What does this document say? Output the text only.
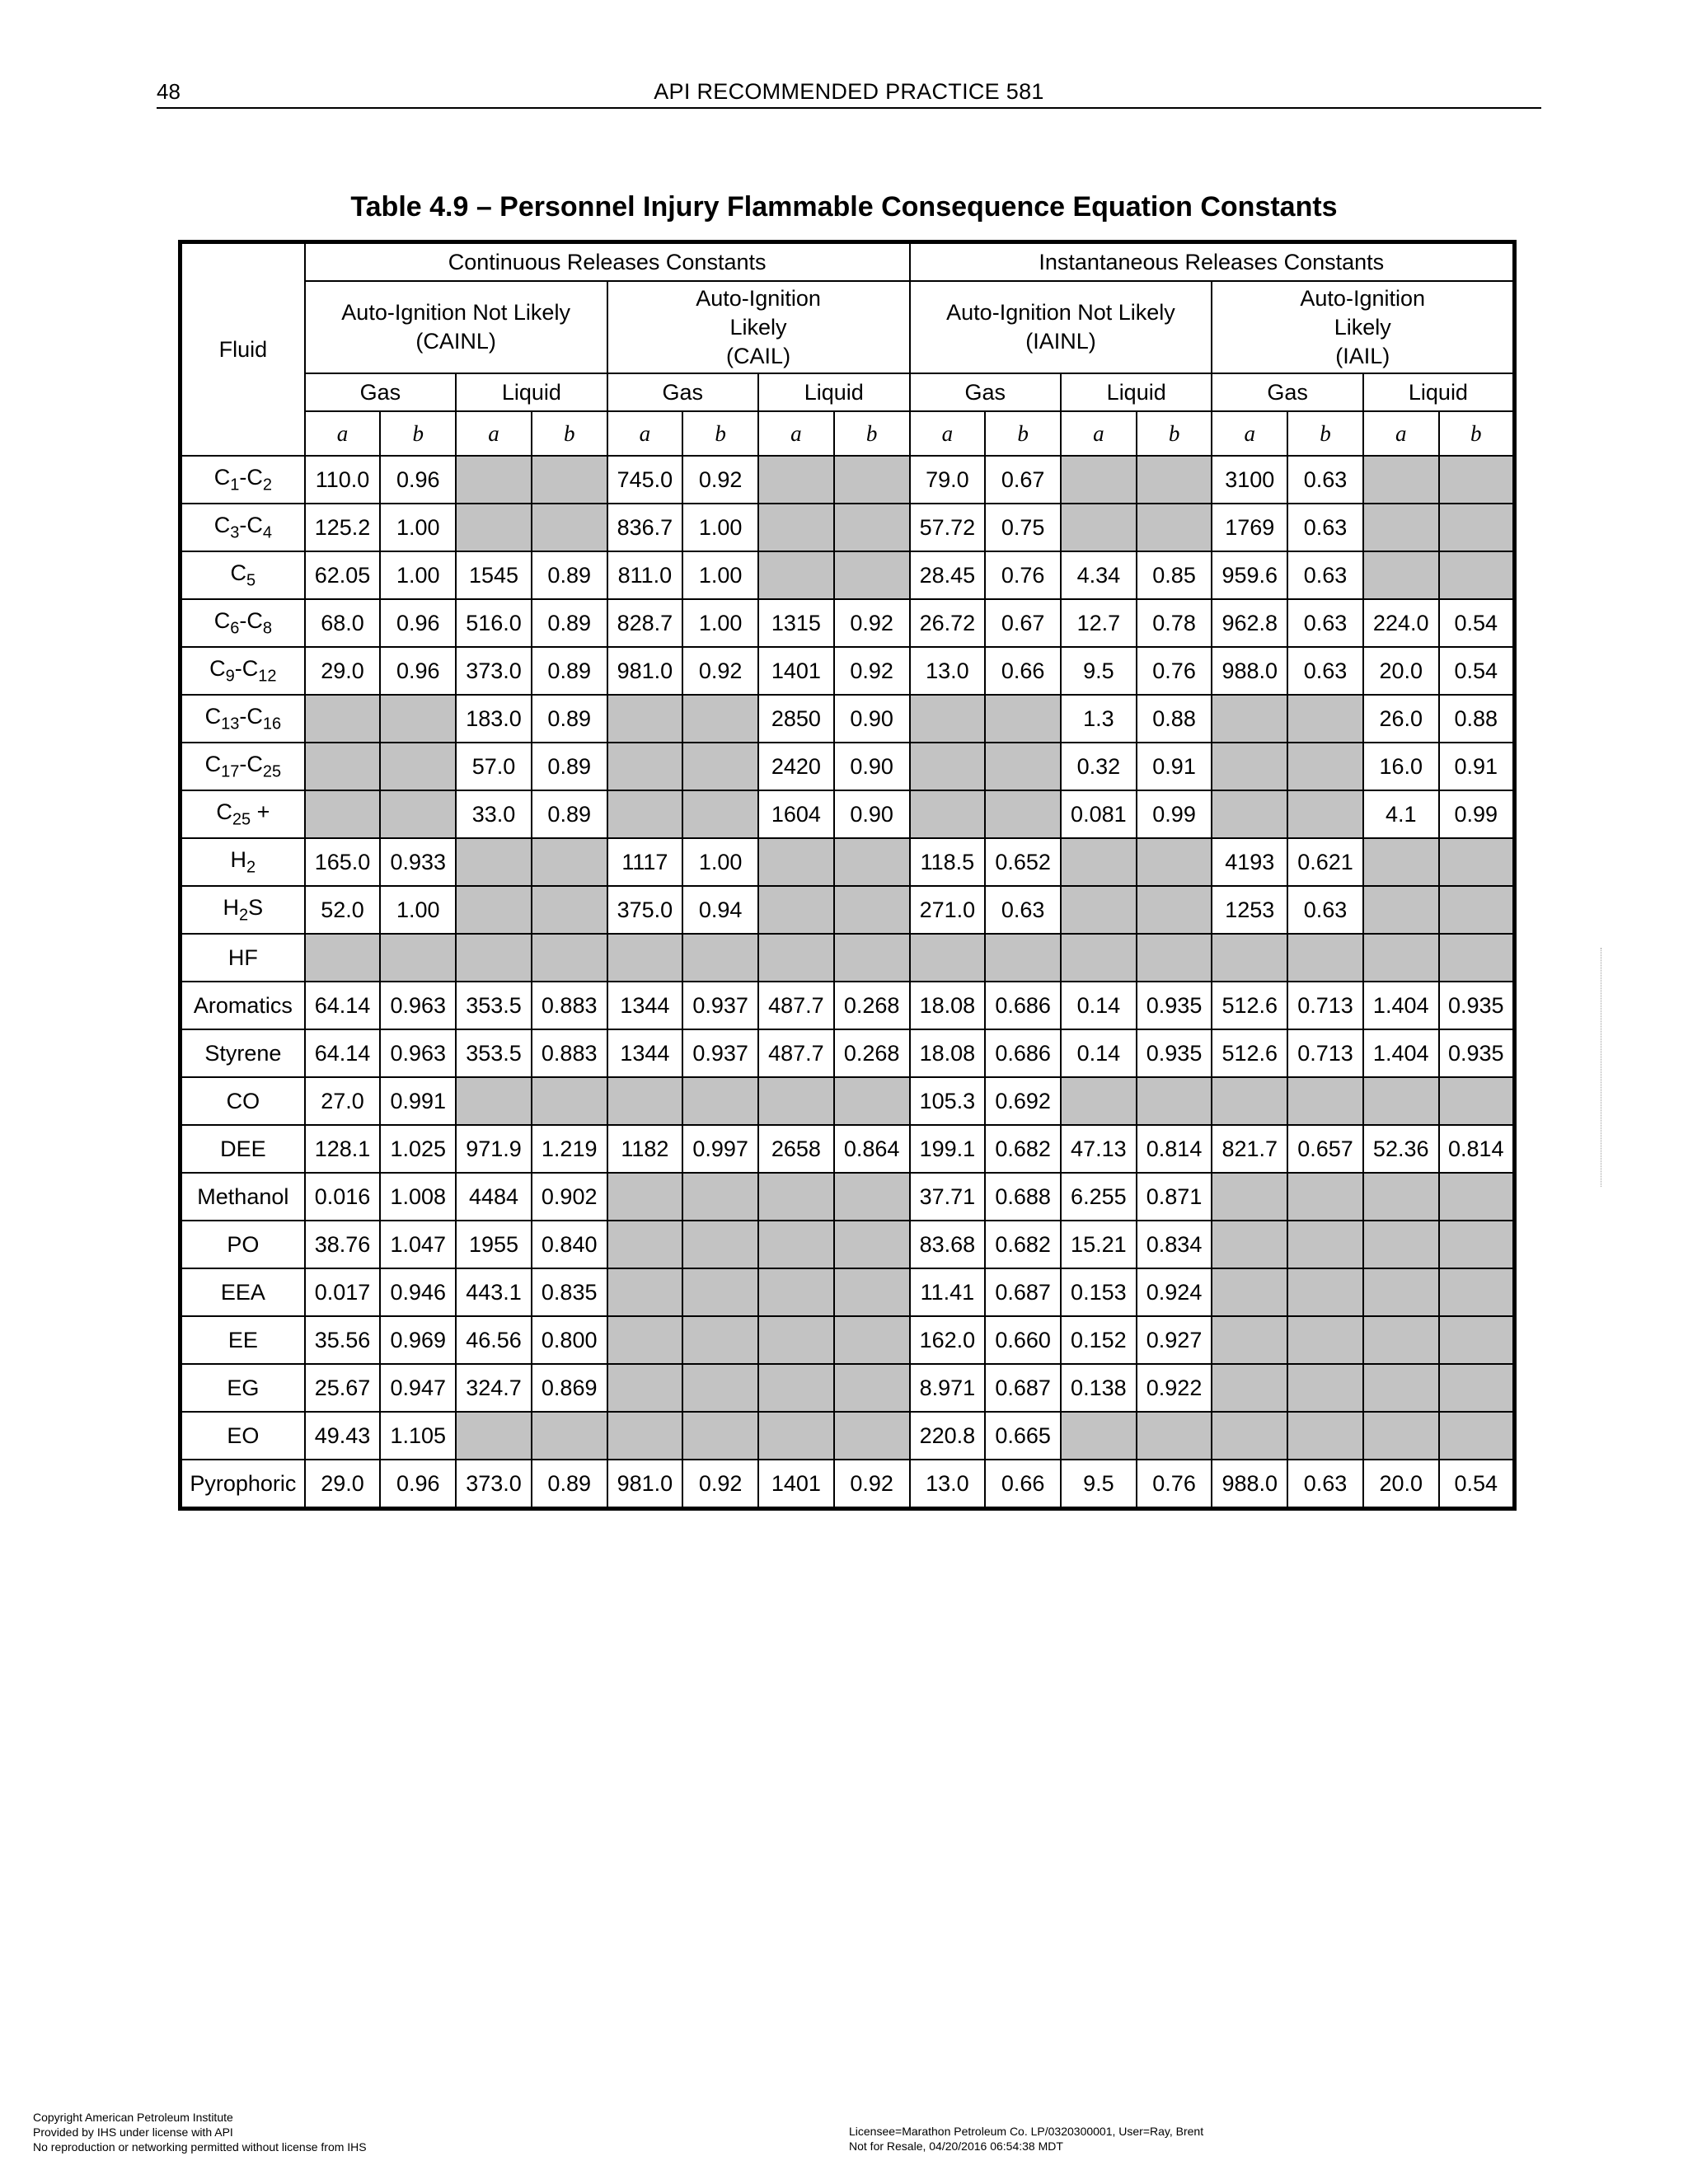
48	API RECOMMENDED PRACTICE 581
Table 4.9 – Personnel Injury Flammable Consequence Equation Constants
Fluid	Continuous Releases Constants								Instantaneous Releases Constants							

	Auto-Ignition Not Likely
(CAINL)				Auto-Ignition
Likely
(CAIL)				Auto-Ignition Not Likely
(IAINL)				Auto-Ignition
Likely
(IAIL)			

	Gas		Liquid		Gas		Liquid		Gas		Liquid		Gas		Liquid	
	a	b	a	b	a	b	a	b	a	b	a	b	a	b	a	b
$C_1-C_2$	110.0	0.96			745.0	0.92			79.0	0.67			3100	0.63		
$C_3-C_4$	125.2	1.00			836.7	1.00			57.72	0.75			1769	0.63		
$C_5$	62.05	1.00	1545	0.89	811.0	1.00			28.45	0.76	4.34	0.85	959.6	0.63		
$C_6-C_8$	68.0	0.96	516.0	0.89	828.7	1.00	1315	0.92	26.72	0.67	12.7	0.78	962.8	0.63	224.0	0.54
$C_9-C_{12}$	29.0	0.96	373.0	0.89	981.0	0.92	1401	0.92	13.0	0.66	9.5	0.76	988.0	0.63	20.0	0.54
$C_{13}-C_{16}$			183.0	0.89			2850	0.90			1.3	0.88			26.0	0.88
$C_{17}-C_{25}$			57.0	0.89			2420	0.90			0.32	0.91			16.0	0.91
$C_{25}$ +			33.0	0.89			1604	0.90			0.081	0.99			4.1	0.99
$H_2$	165.0	0.933			1117	1.00			118.5	0.652			4193	0.621		
$H_2S$	52.0	1.00			375.0	0.94			271.0	0.63			1253	0.63		
HF																
Aromatics	64.14	0.963	353.5	0.883	1344	0.937	487.7	0.268	18.08	0.686	0.14	0.935	512.6	0.713	1.404	0.935
Styrene	64.14	0.963	353.5	0.883	1344	0.937	487.7	0.268	18.08	0.686	0.14	0.935	512.6	0.713	1.404	0.935
CO	27.0	0.991							105.3	0.692						
DEE	128.1	1.025	971.9	1.219	1182	0.997	2658	0.864	199.1	0.682	47.13	0.814	821.7	0.657	52.36	0.814
Methanol	0.016	1.008	4484	0.902					37.71	0.688	6.255	0.871				
PO	38.76	1.047	1955	0.840					83.68	0.682	15.21	0.834				
EEA	0.017	0.946	443.1	0.835					11.41	0.687	0.153	0.924				
EE	35.56	0.969	46.56	0.800					162.0	0.660	0.152	0.927				
EG	25.67	0.947	324.7	0.869					8.971	0.687	0.138	0.922				
EO	49.43	1.105							220.8	0.665						
Pyrophoric	29.0	0.96	373.0	0.89	981.0	0.92	1401	0.92	13.0	0.66	9.5	0.76	988.0	0.63	20.0	0.54
Copyright American Petroleum Institute
Provided by IHS under license with API
No reproduction or networking permitted without license from IHS
Licensee=Marathon Petroleum Co. LP/0320300001, User=Ray, Brent
Not for Resale, 04/20/2016 06:54:38 MDT
